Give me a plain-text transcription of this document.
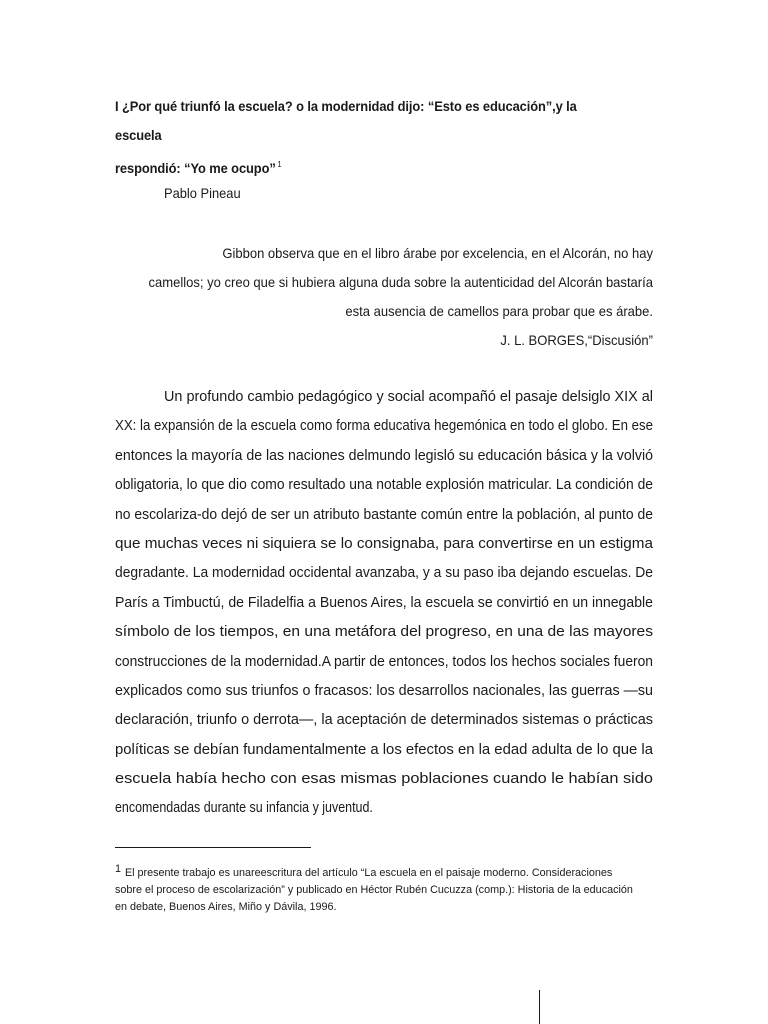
I ¿Por qué triunfó la escuela? o la modernidad dijo: “Esto es educación”,y la escuela
respondió: “Yo me ocupo” $^1$
Pablo Pineau
Gibbon observa que en el libro árabe por excelencia, en el Alcorán, no hay
camellos; yo creo que si hubiera alguna duda sobre la autenticidad del Alcorán bastaría
esta ausencia de camellos para probar que es árabe.
J. L. BORGES,“Discusión”
Un profundo cambio pedagógico y social acompañó el pasaje delsiglo XIX al
XX: la expansión de la escuela como forma educativa hegemónica en todo el globo. En ese
entonces la mayoría de las naciones delmundo legisló su educación básica y la volvió
obligatoria, lo que dio como resultado una notable explosión matricular. La condición de
no escolariza-do dejó de ser un atributo bastante común entre la población, al punto de
que muchas veces ni siquiera se lo consignaba, para convertirse en un estigma
degradante. La modernidad occidental avanzaba, y a su paso iba dejando escuelas. De
París a Timbuctú, de Filadelfia a Buenos Aires, la escuela se convirtió en un innegable
símbolo de los tiempos, en una metáfora del progreso, en una de las mayores
construcciones de la modernidad.A partir de entonces, todos los hechos sociales fueron
explicados como sus triunfos o fracasos: los desarrollos nacionales, las guerras —su
declaración, triunfo o derrota—, la aceptación de determinados sistemas o prácticas
políticas se debían fundamentalmente a los efectos en la edad adulta de lo que la
escuela había hecho con esas mismas poblaciones cuando le habían sido
encomendadas durante su infancia y juventud.
$^1$ El presente trabajo es unareescritura del artículo “La escuela en el paisaje moderno. Consideraciones
sobre el proceso de escolarización” y publicado en Héctor Rubén Cucuzza (comp.): Historia de la educación
en debate, Buenos Aires, Miño y Dávila, 1996.
